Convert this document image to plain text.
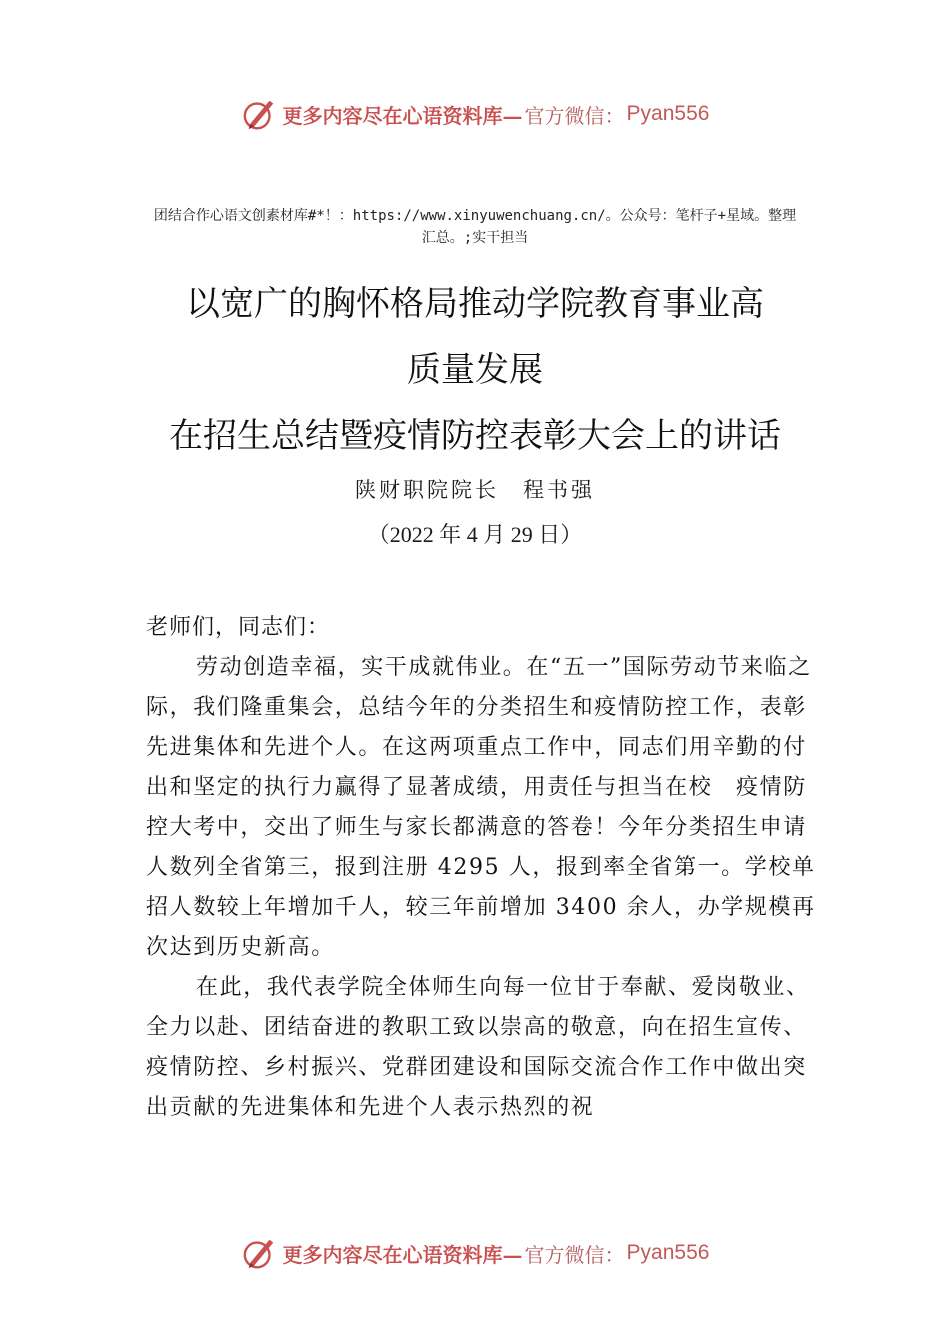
更多内容尽在心语资料库— 官方微信： Pyan556
团结合作心语文创素材库#*！：https://www.xinyuwenchuang.cn/。公众号：笔杆子+星域。整理汇总。;实干担当
以宽广的胸怀格局推动学院教育事业高
质量发展
在招生总结暨疫情防控表彰大会上的讲话
陕财职院院长　程书强
（2022 年 4 月 29 日）

老师们，同志们：

劳动创造幸福，实干成就伟业。在“五一”国际劳动节来临之际，我们隆重集会，总结今年的分类招生和疫情防控工作，表彰先进集体和先进个人。在这两项重点工作中，同志们用辛勤的付出和坚定的执行力赢得了显著成绩，用责任与担当在校 疫情防控大考中，交出了师生与家长都满意的答卷！今年分类招生申请人数列全省第三，报到注册 4295 人，报到率全省第一。学校单招人数较上年增加千人，较三年前增加 3400 余人，办学规模再次达到历史新高。

在此，我代表学院全体师生向每一位甘于奉献、爱岗敬业、全力以赴、团结奋进的教职工致以崇高的敬意，向在招生宣传、疫情防控、乡村振兴、党群团建设和国际交流合作工作中做出突出贡献的先进集体和先进个人表示热烈的祝

更多内容尽在心语资料库— 官方微信： Pyan556
